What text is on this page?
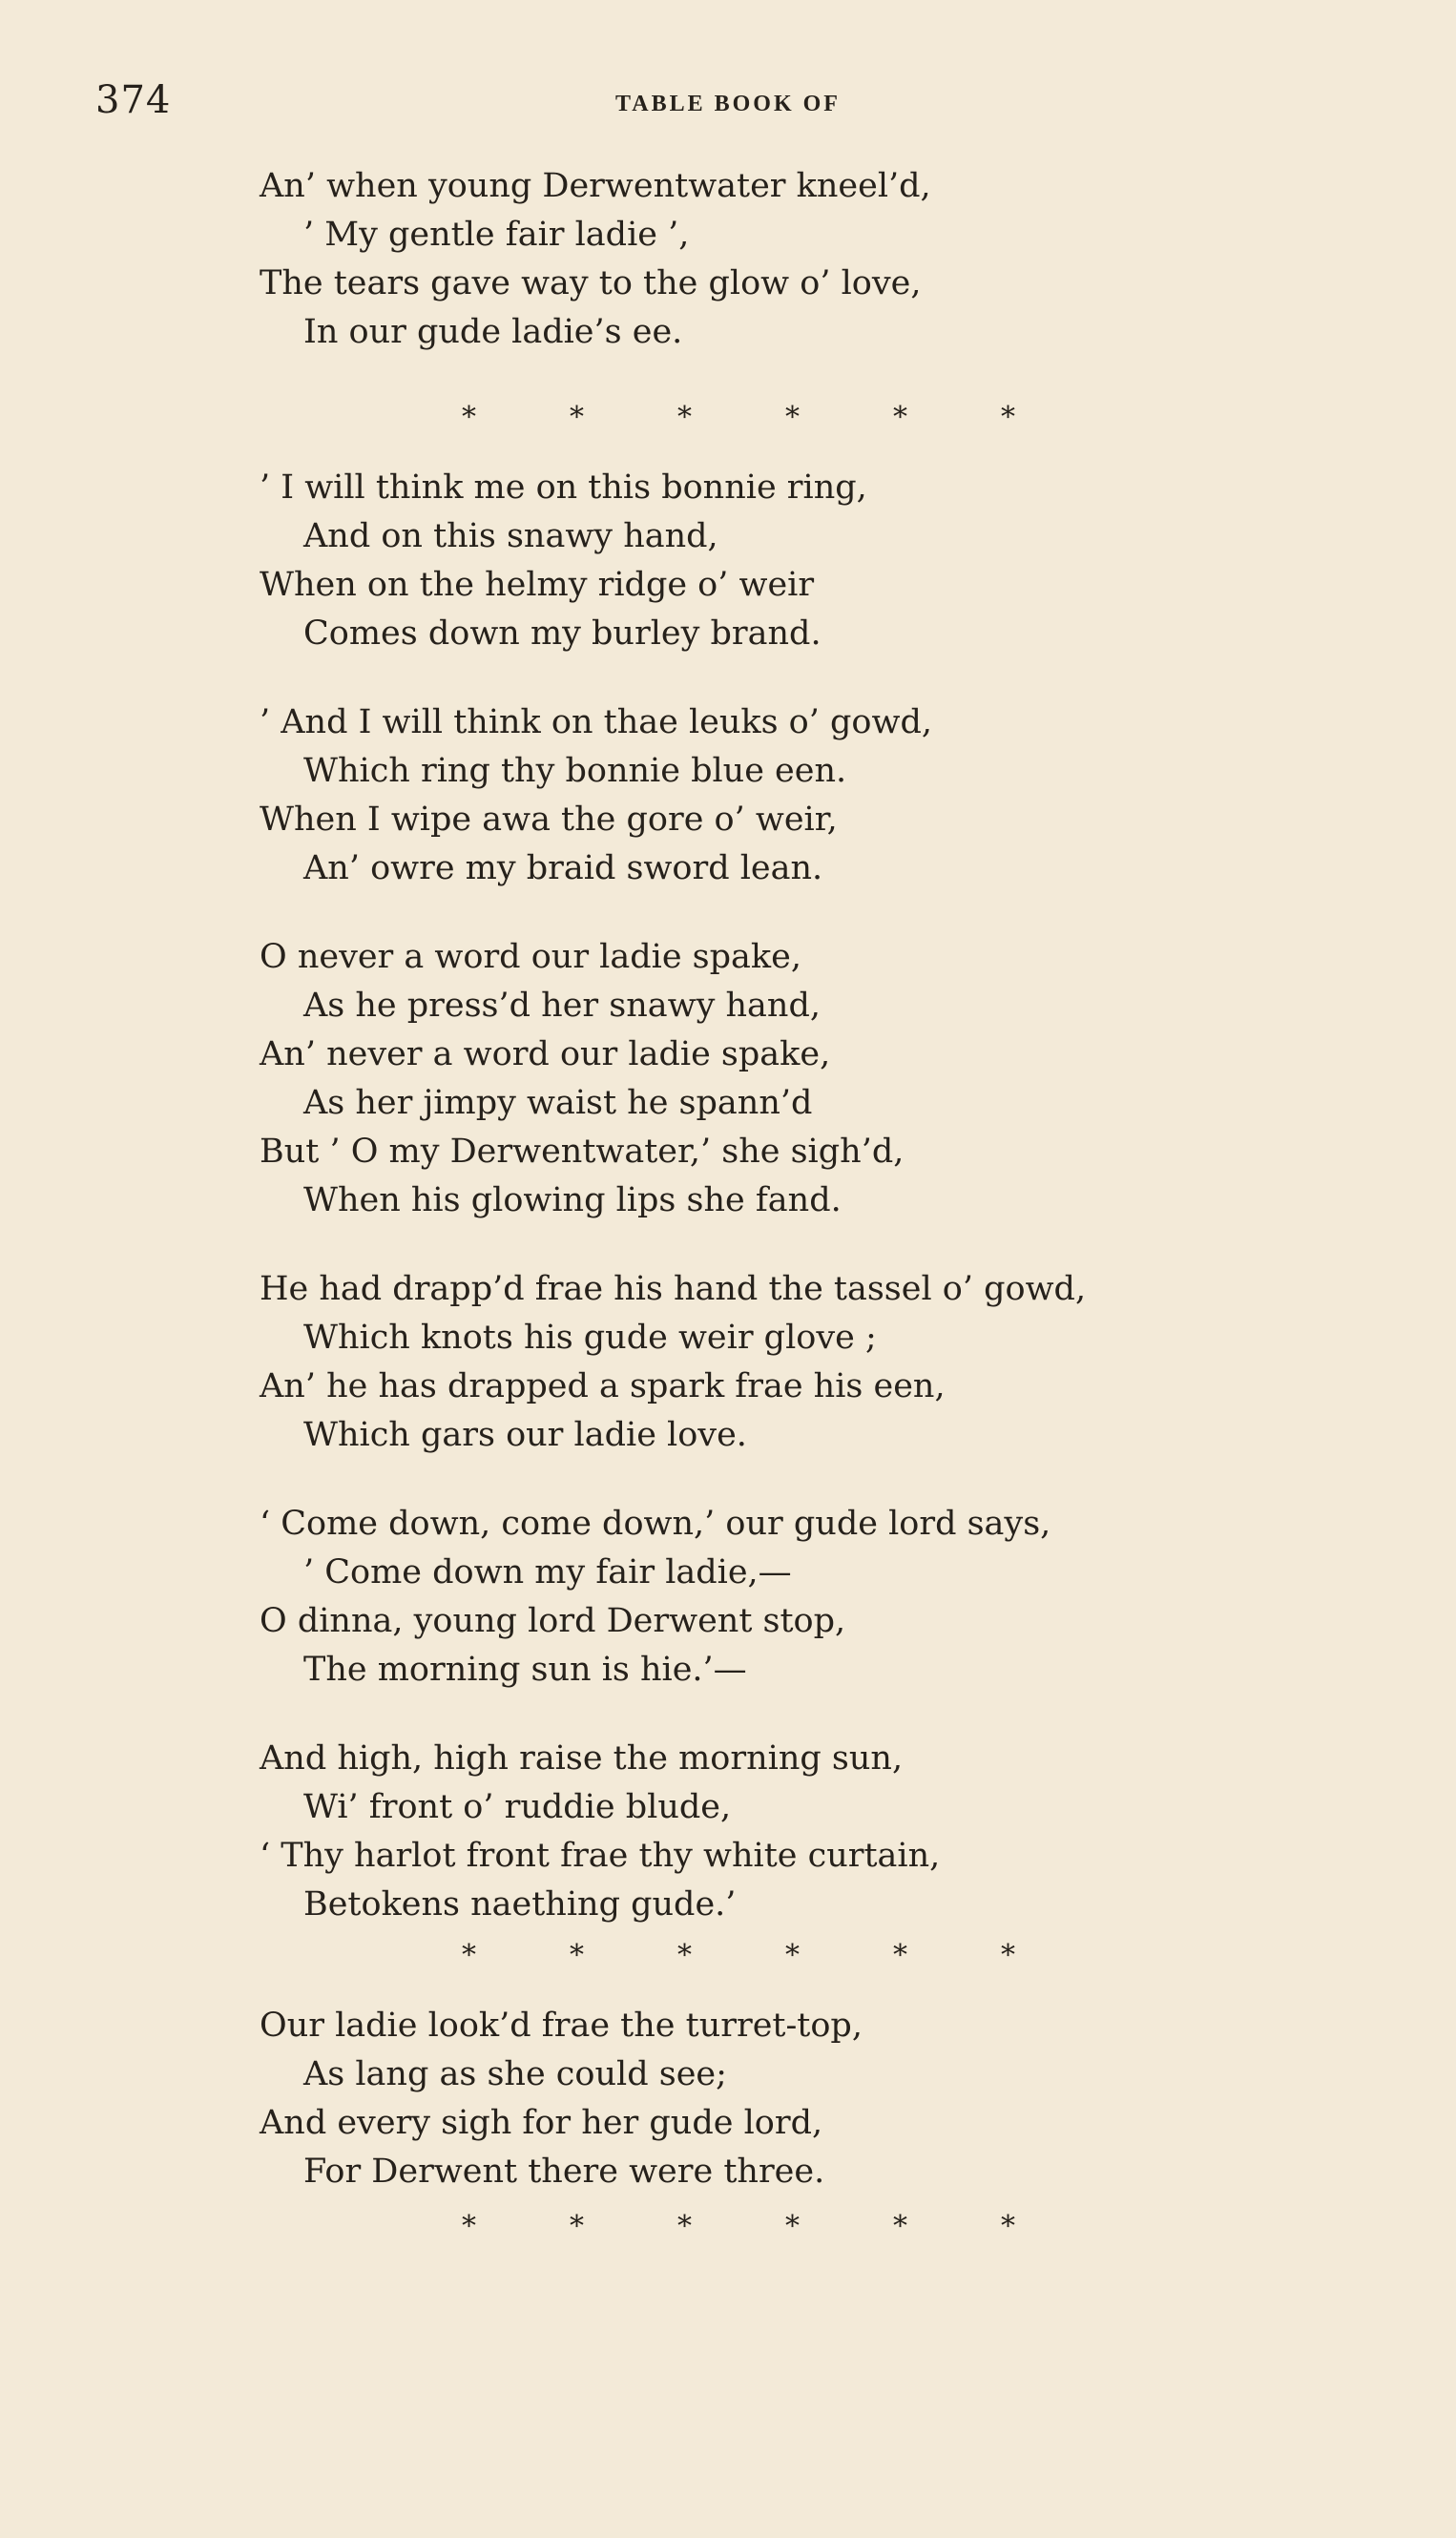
374	TABLE BOOK OF
An’ when young Derwentwater kneel’d,
’ My gentle fair ladie ’,
The tears gave way to the glow o’ love,
In our gude ladie’s ee.
*	*	*	*	*	*
’ I will think me on this bonnie ring,
And on this snawy hand,
When on the helmy ridge o’ weir
Comes down my burley brand.
’ And I will think on thae leuks o’ gowd,
Which ring thy bonnie blue een.
When I wipe awa the gore o’ weir,
An’ owre my braid sword lean.
O never a word our ladie spake,
As he press’d her snawy hand,
An’ never a word our ladie spake,
As her jimpy waist he spann’d
But ’ O my Derwentwater,’ she sigh’d,
When his glowing lips she fand.
He had drapp’d frae his hand the tassel o’ gowd,
Which knots his gude weir glove ;
An’ he has drapped a spark frae his een,
Which gars our ladie love.
‘ Come down, come down,’ our gude lord says,
’ Come down my fair ladie,—
O dinna, young lord Derwent stop,
The morning sun is hie.’—
And high, high raise the morning sun,
Wi’ front o’ ruddie blude,
‘ Thy harlot front frae thy white curtain,
Betokens naething gude.’
*	*	*	*	*	*
Our ladie look’d frae the turret-top,
As lang as she could see;
And every sigh for her gude lord,
For Derwent there were three.
*	*	*	*	*	*
